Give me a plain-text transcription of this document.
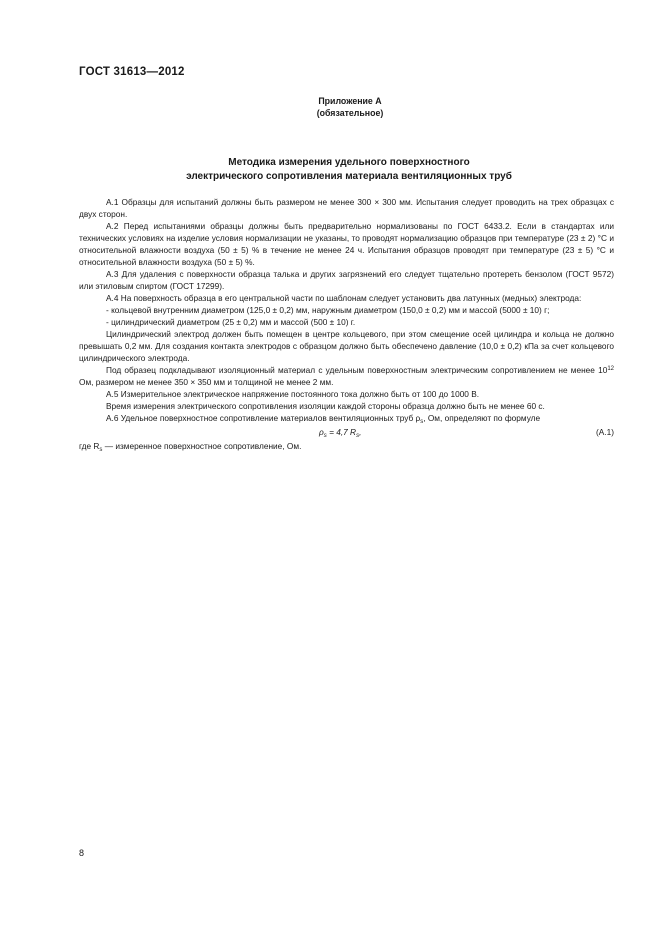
ГОСТ 31613—2012
Приложение А
(обязательное)
Методика измерения удельного поверхностного
электрического сопротивления материала вентиляционных труб

А.1 Образцы для испытаний должны быть размером не менее 300 × 300 мм. Испытания следует проводить на трех образцах с двух сторон.

А.2 Перед испытаниями образцы должны быть предварительно нормализованы по ГОСТ 6433.2. Если в стандартах или технических условиях на изделие условия нормализации не указаны, то проводят нормализацию образцов при температуре (23 ± 2) °С и относительной влажности воздуха (50 ± 5) % в течение не менее 24 ч. Испытания образцов проводят при температуре (23 ± 5) °С и относительной влажности воздуха (50 ± 5) %.

А.3 Для удаления с поверхности образца талька и других загрязнений его следует тщательно протереть бензолом (ГОСТ 9572) или этиловым спиртом (ГОСТ 17299).

А.4 На поверхность образца в его центральной части по шаблонам следует установить два латунных (медных) электрода:

- кольцевой внутренним диаметром (125,0 ± 0,2) мм, наружным диаметром (150,0 ± 0,2) мм и массой (5000 ± 10) г;

- цилиндрический диаметром (25 ± 0,2) мм и массой (500 ± 10) г.

Цилиндрический электрод должен быть помещен в центре кольцевого, при этом смещение осей цилиндра и кольца не должно превышать 0,2 мм. Для создания контакта электродов с образцом должно быть обеспечено давление (10,0 ± 0,2) кПа за счет кольцевого цилиндрического электрода.

Под образец подкладывают изоляционный материал с удельным поверхностным электрическим сопротивлением не менее $10^{12}$ Ом, размером не менее 350 × 350 мм и толщиной не менее 2 мм.

А.5 Измерительное электрическое напряжение постоянного тока должно быть от 100 до 1000 В.

Время измерения электрического сопротивления изоляции каждой стороны образца должно быть не менее 60 с.

А.6 Удельное поверхностное сопротивление материалов вентиляционных труб $\rho_s$, Ом, определяют по формуле

$\rho_s = 4,7$ $R_s$,	(А.1)

где $R_s$ — измеренное поверхностное сопротивление, Ом.

8
